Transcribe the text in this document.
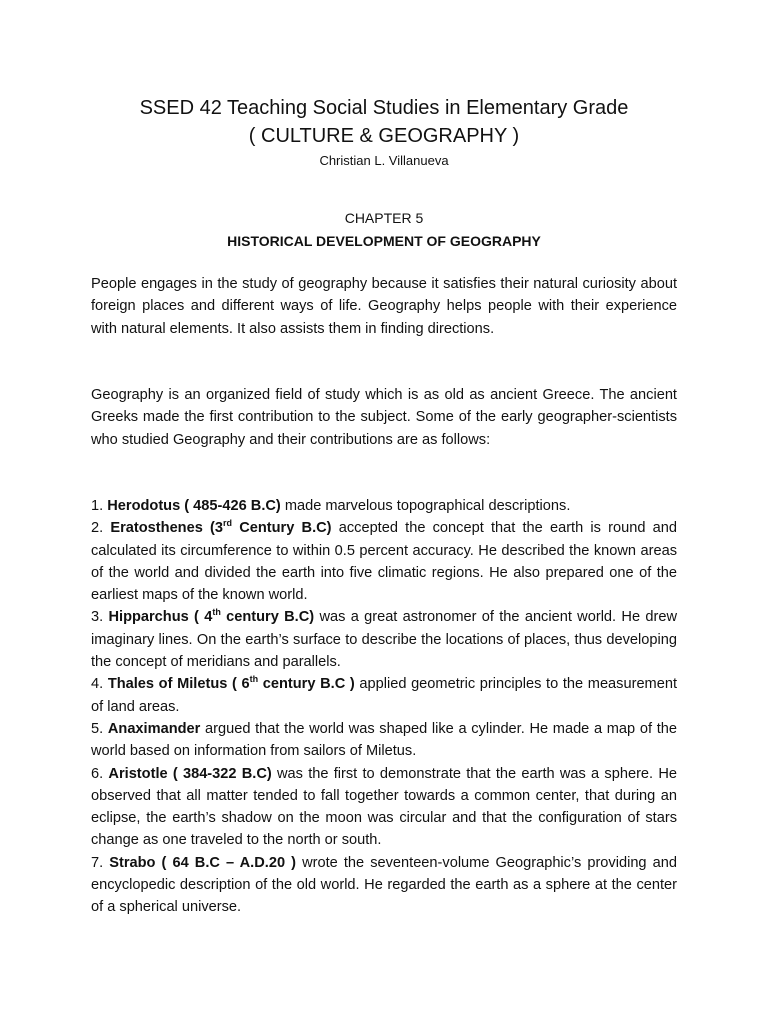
SSED 42 Teaching Social Studies in Elementary Grade
( CULTURE & GEOGRAPHY )
Christian L. Villanueva
CHAPTER 5
HISTORICAL DEVELOPMENT OF GEOGRAPHY

People engages in the study of geography because it satisfies their natural curiosity about foreign places and different ways of life. Geography helps people with their experience with natural elements. It also assists them in finding directions.

Geography is an organized field of study which is as old as ancient Greece. The ancient Greeks made the first contribution to the subject. Some of the early geographer-scientists who studied Geography and their contributions are as follows:

1. Herodotus ( 485-426 B.C) made marvelous topographical descriptions.

2. Eratosthenes (3rd Century B.C) accepted the concept that the earth is round and calculated its circumference to within 0.5 percent accuracy. He described the known areas of the world and divided the earth into five climatic regions. He also prepared one of the earliest maps of the known world.

3. Hipparchus ( 4th century B.C) was a great astronomer of the ancient world. He drew imaginary lines. On the earth’s surface to describe the locations of places, thus developing the concept of meridians and parallels.

4. Thales of Miletus ( 6th century B.C ) applied geometric principles to the measurement of land areas.

5. Anaximander argued that the world was shaped like a cylinder. He made a map of the world based on information from sailors of Miletus.

6. Aristotle ( 384-322 B.C) was the first to demonstrate that the earth was a sphere. He observed that all matter tended to fall together towards a common center, that during an eclipse, the earth’s shadow on the moon was circular and that the configuration of stars change as one traveled to the north or south.

7. Strabo ( 64 B.C – A.D.20 ) wrote the seventeen-volume Geographic’s providing and encyclopedic description of the old world. He regarded the earth as a sphere at the center of a spherical universe.
